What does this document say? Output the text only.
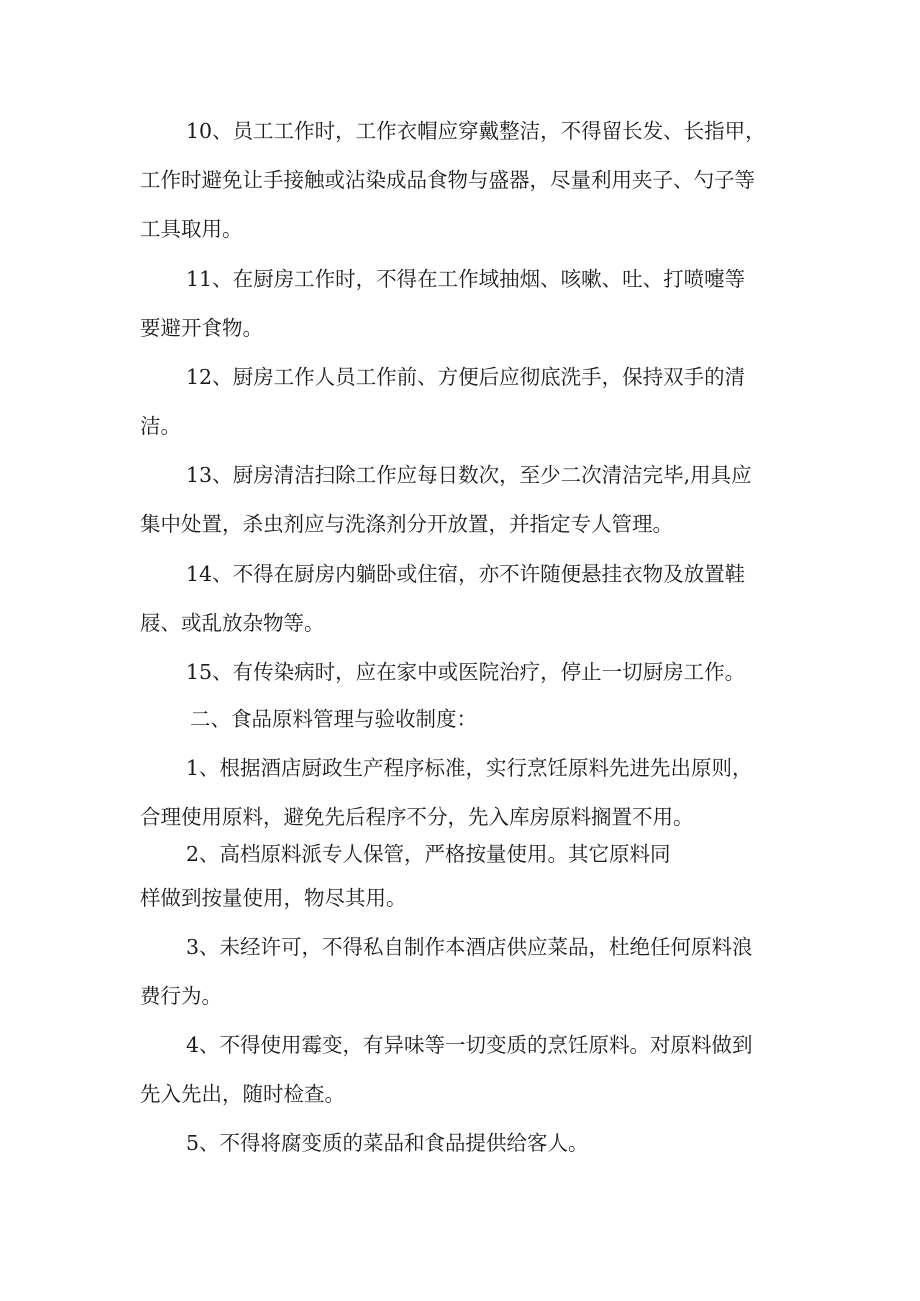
10、员工工作时，工作衣帽应穿戴整洁，不得留长发、长指甲，
工作时避免让手接触或沾染成品食物与盛器，尽量利用夹子、勺子等
工具取用。
11、在厨房工作时，不得在工作域抽烟、咳嗽、吐、打喷嚏等
要避开食物。
12、厨房工作人员工作前、方便后应彻底洗手，保持双手的清
洁。
13、厨房清洁扫除工作应每日数次，至少二次清洁完毕,用具应
集中处置，杀虫剂应与洗涤剂分开放置，并指定专人管理。
14、不得在厨房内躺卧或住宿，亦不许随便悬挂衣物及放置鞋
屐、或乱放杂物等。
15、有传染病时，应在家中或医院治疗，停止一切厨房工作。
二、食品原料管理与验收制度：
1、根据酒店厨政生产程序标准，实行烹饪原料先进先出原则，
合理使用原料，避免先后程序不分，先入库房原料搁置不用。
2、高档原料派专人保管，严格按量使用。其它原料同
样做到按量使用，物尽其用。
3、未经许可，不得私自制作本酒店供应菜品，杜绝任何原料浪
费行为。
4、不得使用霉变，有异味等一切变质的烹饪原料。对原料做到
先入先出，随时检查。
5、不得将腐变质的菜品和食品提供给客人。
